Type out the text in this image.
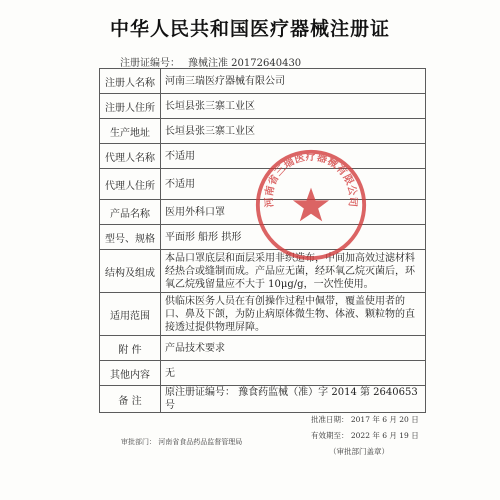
中华人民共和国医疗器械注册证
注册证编号： 豫械注准 20172640430
注册人名称	河南三瑞医疗器械有限公司
注册人住所	长垣县张三寨工业区
生产地址	长垣县张三寨工业区
代理人名称	不适用
代理人住所	不适用
产品名称	医用外科口罩
型号、规格	平面形 船形 拱形
结构及组成	本品口罩底层和面层采用非织造布，中间加高效过滤材料经热合或缝制而成。产品应无菌，经环氧乙烷灭菌后，环氧乙烷残留量应不大于 10μg/g，一次性使用。
适用范围	供临床医务人员在有创操作过程中佩带，覆盖使用者的口、鼻及下颌，为防止病原体微生物、体液、颗粒物的直接透过提供物理屏障。
附 件	产品技术要求
其他内容	无
备 注	原注册证编号： 豫食药监械（准）字 2014 第 2640653 号
审批部门： 河南省食品药品监督管理局
批准日期： 2017 年 6 月 20 日
有效期至： 2022 年 6 月 19 日
（审批部门盖章）
河南省三瑞医疗器械有限公司
